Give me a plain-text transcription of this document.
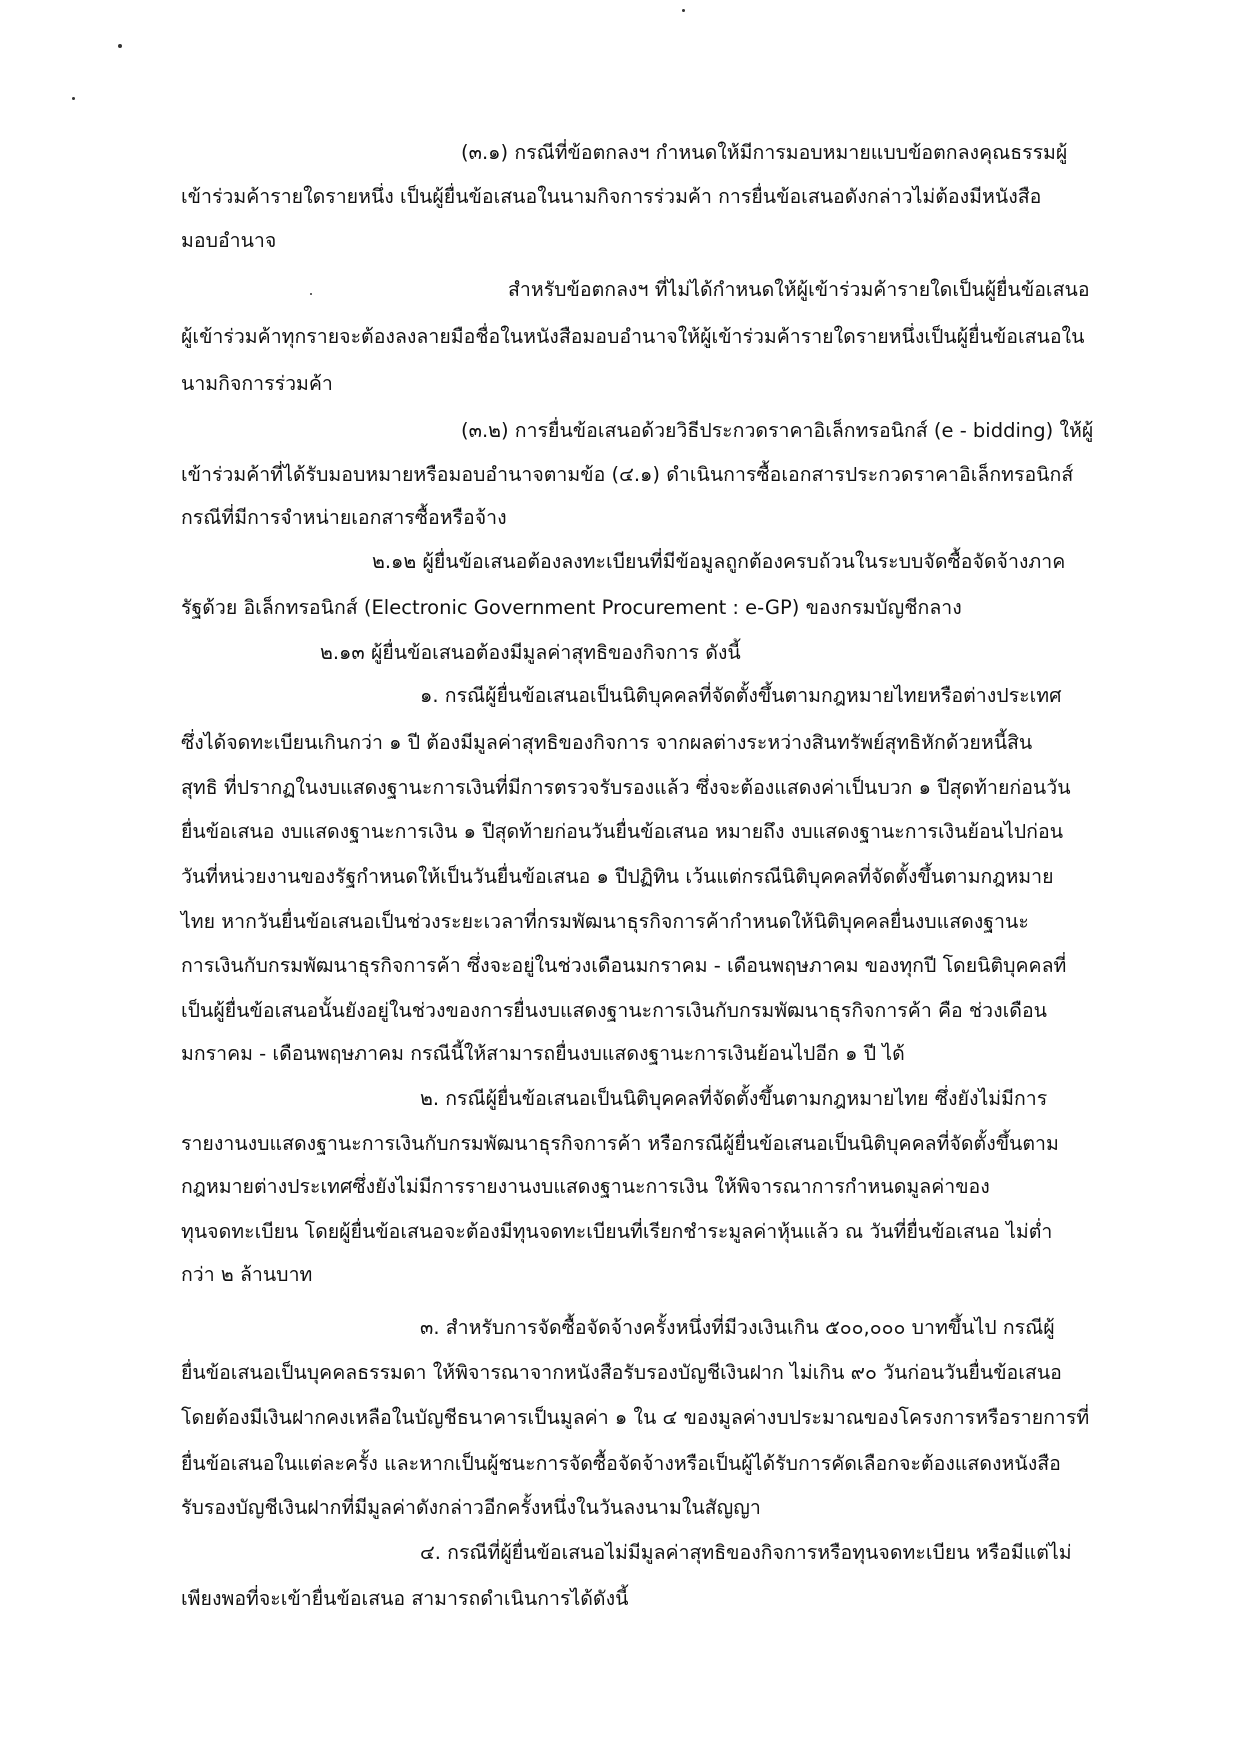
(๓.๑) กรณีที่ข้อตกลงฯ กำหนดให้มีการมอบหมายแบบข้อตกลงคุณธรรมผู้
เข้าร่วมค้ารายใดรายหนึ่ง เป็นผู้ยื่นข้อเสนอในนามกิจการร่วมค้า การยื่นข้อเสนอดังกล่าวไม่ต้องมีหนังสือ
มอบอำนาจ
สำหรับข้อตกลงฯ ที่ไม่ได้กำหนดให้ผู้เข้าร่วมค้ารายใดเป็นผู้ยื่นข้อเสนอ
ผู้เข้าร่วมค้าทุกรายจะต้องลงลายมือชื่อในหนังสือมอบอำนาจให้ผู้เข้าร่วมค้ารายใดรายหนึ่งเป็นผู้ยื่นข้อเสนอใน
นามกิจการร่วมค้า
(๓.๒) การยื่นข้อเสนอด้วยวิธีประกวดราคาอิเล็กทรอนิกส์ (e - bidding) ให้ผู้
เข้าร่วมค้าที่ได้รับมอบหมายหรือมอบอำนาจตามข้อ (๔.๑) ดำเนินการซื้อเอกสารประกวดราคาอิเล็กทรอนิกส์
กรณีที่มีการจำหน่ายเอกสารซื้อหรือจ้าง
๒.๑๒ ผู้ยื่นข้อเสนอต้องลงทะเบียนที่มีข้อมูลถูกต้องครบถ้วนในระบบจัดซื้อจัดจ้างภาค
รัฐด้วย อิเล็กทรอนิกส์ (Electronic Government Procurement : e-GP) ของกรมบัญชีกลาง
๒.๑๓ ผู้ยื่นข้อเสนอต้องมีมูลค่าสุทธิของกิจการ ดังนี้
๑. กรณีผู้ยื่นข้อเสนอเป็นนิติบุคคลที่จัดตั้งขึ้นตามกฎหมายไทยหรือต่างประเทศ
ซึ่งได้จดทะเบียนเกินกว่า ๑ ปี ต้องมีมูลค่าสุทธิของกิจการ จากผลต่างระหว่างสินทรัพย์สุทธิหักด้วยหนี้สิน
สุทธิ ที่ปรากฏในงบแสดงฐานะการเงินที่มีการตรวจรับรองแล้ว ซึ่งจะต้องแสดงค่าเป็นบวก ๑ ปีสุดท้ายก่อนวัน
ยื่นข้อเสนอ งบแสดงฐานะการเงิน ๑ ปีสุดท้ายก่อนวันยื่นข้อเสนอ หมายถึง งบแสดงฐานะการเงินย้อนไปก่อน
วันที่หน่วยงานของรัฐกำหนดให้เป็นวันยื่นข้อเสนอ ๑ ปีปฏิทิน เว้นแต่กรณีนิติบุคคลที่จัดตั้งขึ้นตามกฎหมาย
ไทย หากวันยื่นข้อเสนอเป็นช่วงระยะเวลาที่กรมพัฒนาธุรกิจการค้ากำหนดให้นิติบุคคลยื่นงบแสดงฐานะ
การเงินกับกรมพัฒนาธุรกิจการค้า ซึ่งจะอยู่ในช่วงเดือนมกราคม - เดือนพฤษภาคม ของทุกปี โดยนิติบุคคลที่
เป็นผู้ยื่นข้อเสนอนั้นยังอยู่ในช่วงของการยื่นงบแสดงฐานะการเงินกับกรมพัฒนาธุรกิจการค้า คือ ช่วงเดือน
มกราคม - เดือนพฤษภาคม กรณีนี้ให้สามารถยื่นงบแสดงฐานะการเงินย้อนไปอีก ๑ ปี ได้
๒. กรณีผู้ยื่นข้อเสนอเป็นนิติบุคคลที่จัดตั้งขึ้นตามกฎหมายไทย ซึ่งยังไม่มีการ
รายงานงบแสดงฐานะการเงินกับกรมพัฒนาธุรกิจการค้า หรือกรณีผู้ยื่นข้อเสนอเป็นนิติบุคคลที่จัดตั้งขึ้นตาม
กฎหมายต่างประเทศซึ่งยังไม่มีการรายงานงบแสดงฐานะการเงิน ให้พิจารณาการกำหนดมูลค่าของ
ทุนจดทะเบียน โดยผู้ยื่นข้อเสนอจะต้องมีทุนจดทะเบียนที่เรียกชำระมูลค่าหุ้นแล้ว ณ วันที่ยื่นข้อเสนอ ไม่ต่ำ
กว่า ๒ ล้านบาท
๓. สำหรับการจัดซื้อจัดจ้างครั้งหนึ่งที่มีวงเงินเกิน ๕๐๐,๐๐๐ บาทขึ้นไป กรณีผู้
ยื่นข้อเสนอเป็นบุคคลธรรมดา ให้พิจารณาจากหนังสือรับรองบัญชีเงินฝาก ไม่เกิน ๙๐ วันก่อนวันยื่นข้อเสนอ
โดยต้องมีเงินฝากคงเหลือในบัญชีธนาคารเป็นมูลค่า ๑ ใน ๔ ของมูลค่างบประมาณของโครงการหรือรายการที่
ยื่นข้อเสนอในแต่ละครั้ง และหากเป็นผู้ชนะการจัดซื้อจัดจ้างหรือเป็นผู้ได้รับการคัดเลือกจะต้องแสดงหนังสือ
รับรองบัญชีเงินฝากที่มีมูลค่าดังกล่าวอีกครั้งหนึ่งในวันลงนามในสัญญา
๔. กรณีที่ผู้ยื่นข้อเสนอไม่มีมูลค่าสุทธิของกิจการหรือทุนจดทะเบียน หรือมีแต่ไม่
เพียงพอที่จะเข้ายื่นข้อเสนอ สามารถดำเนินการได้ดังนี้
